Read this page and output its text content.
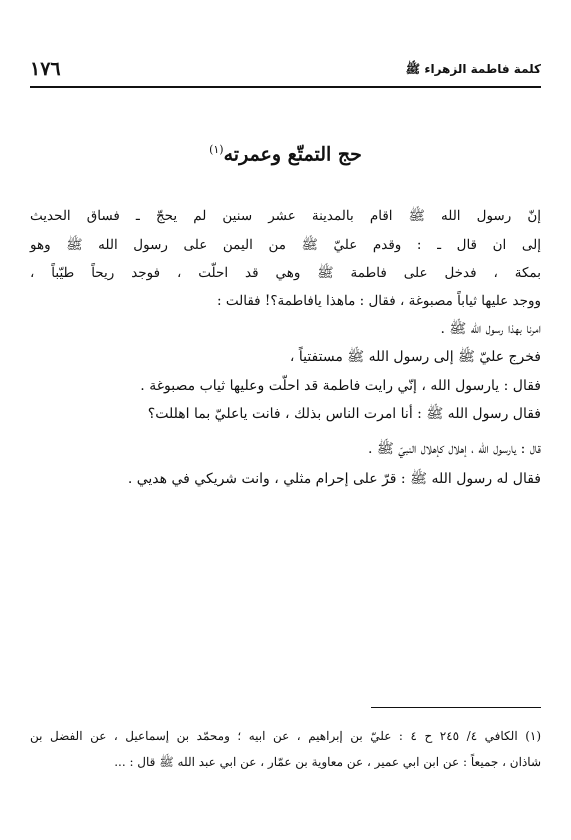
كلمة فاطمة الزهراء ﷺ
١٧٦
حج التمتّع وعمرته$^{(١)}$
إنّ رسول الله ﷺ اقام بالمدينة عشر سنين لم يحجّ ـ فساق الحديث
إلى ان قال ـ : وقدم عليّ ﷺ من اليمن على رسول الله ﷺ وهو
بمكة ، فدخل على فاطمة ﷺ وهي قد احلّت ، فوجد ريحاً طيّباً ،
ووجد عليها ثياباً مصبوغة ، فقال : ماهذا يافاطمة؟! فقالت :
امرنا بهذا رسول الله ﷺ .
فخرج عليّ ﷺ إلى رسول الله ﷺ مستفتياً ،
فقال : يارسول الله ، إنّي رايت فاطمة قد احلّت وعليها ثياب مصبوغة .
فقال رسول الله ﷺ : أنا امرت الناس بذلك ، فانت ياعليّ بما اهللت؟
قال : يارسول الله ، إهلال كإهلال النبيّ ﷺ .
فقال له رسول الله ﷺ : قرّ على إحرام مثلي ، وانت شريكي في هديي .
(١) الكافي ٤/ ٢٤٥ ح ٤ : عليّ بن إبراهيم ، عن ابيه ؛ ومحمّد بن إسماعيل ، عن الفضل بن
شاذان ، جميعاً : عن ابن ابي عمير ، عن معاوية بن عمّار ، عن ابي عبد الله ﷺ قال : ...
